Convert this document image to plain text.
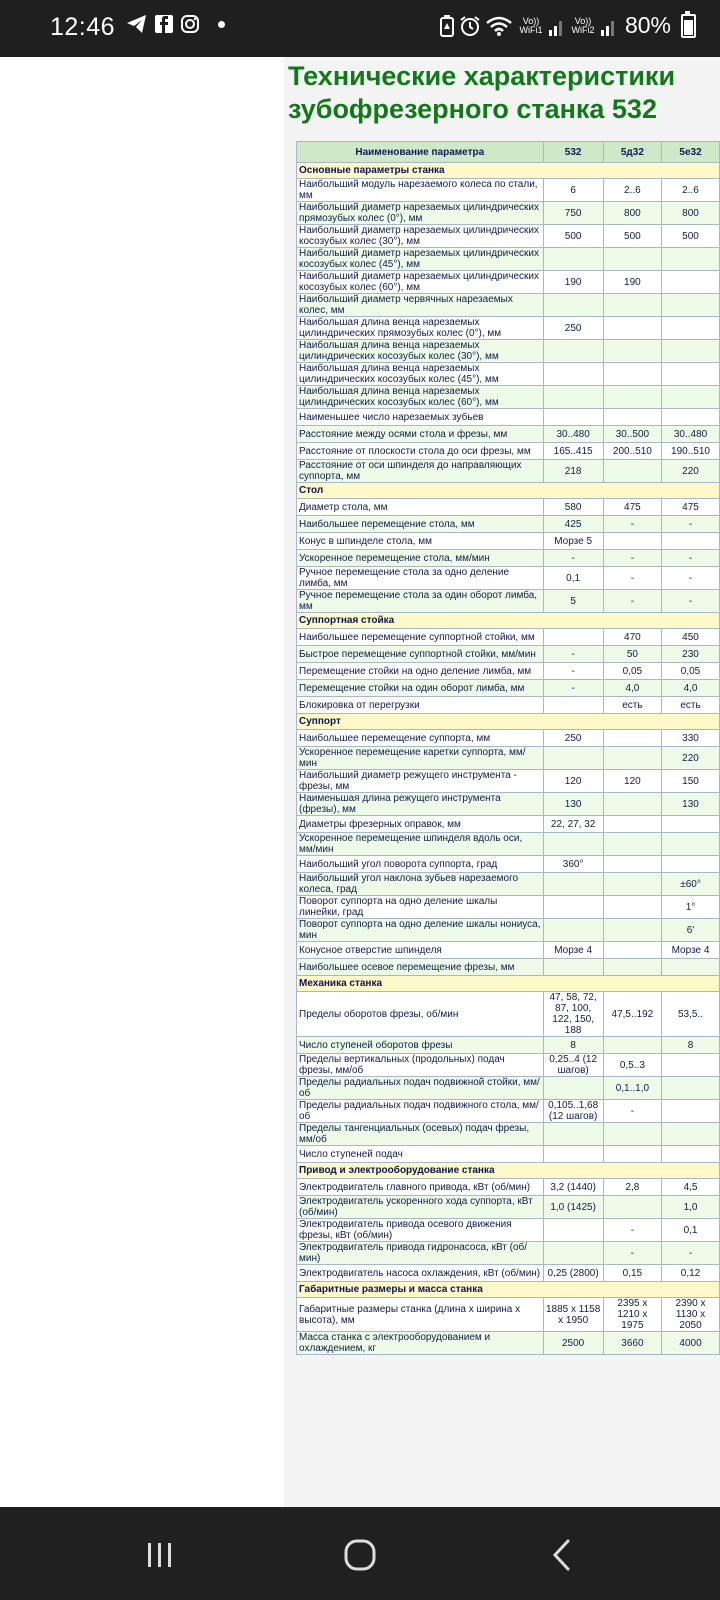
12:46	Vo)) WiFi1
Vo)) WiFi2 80%
Технические характеристики
зубофрезерного станка 532
Наименование параметра	532	5д32	5е32
Основные параметры станка			
Наибольший модуль нарезаемого колеса по стали, мм	6	2..6	2..6
Наибольший диаметр нарезаемых цилиндрических прямозубых колес (0°), мм	750	800	800
Наибольший диаметр нарезаемых цилиндрических косозубых колес (30°), мм	500	500	500
Наибольший диаметр нарезаемых цилиндрических косозубых колес (45°), мм			
Наибольший диаметр нарезаемых цилиндрических косозубых колес (60°), мм	190	190	
Наибольший диаметр червячных нарезаемых колес, мм			
Наибольшая длина венца нарезаемых цилиндрических прямозубых колес (0°), мм	250		
Наибольшая длина венца нарезаемых цилиндрических косозубых колес (30°), мм			
Наибольшая длина венца нарезаемых цилиндрических косозубых колес (45°), мм			
Наибольшая длина венца нарезаемых цилиндрических косозубых колес (60°), мм			
Наименьшее число нарезаемых зубьев			
Расстояние между осями стола и фрезы, мм	30..480	30..500	30..480
Расстояние от плоскости стола до оси фрезы, мм	165..415	200..510	190..510
Расстояние от оси шпинделя до направляющих суппорта, мм	218		220
Стол			
Диаметр стола, мм	580	475	475
Наибольшее перемещение стола, мм	425	-	-
Конус в шпинделе стола, мм	Морзе 5		
Ускоренное перемещение стола, мм/мин	-	-	-
Ручное перемещение стола за одно деление лимба, мм	0,1	-	-
Ручное перемещение стола за один оборот лимба, мм	5	-	-
Суппортная стойка			
Наибольшее перемещение суппортной стойки, мм		470	450
Быстрое перемещение суппортной стойки, мм/мин	-	50	230
Перемещение стойки на одно деление лимба, мм	-	0,05	0,05
Перемещение стойки на один оборот лимба, мм	-	4,0	4,0
Блокировка от перегрузки		есть	есть
Суппорт			
Наибольшее перемещение суппорта, мм	250		330
Ускоренное перемещение каретки суппорта, мм/мин			220
Наибольший диаметр режущего инструмента - фрезы, мм	120	120	150
Наименьшая длина режущего инструмента (фрезы), мм	130		130
Диаметры фрезерных оправок, мм	22, 27, 32		
Ускоренное перемещение шпинделя вдоль оси, мм/мин			
Наибольший угол поворота суппорта, град	360°		
Наибольший угол наклона зубьев нарезаемого колеса, град			±60°
Поворот суппорта на одно деление шкалы линейки, град			1°
Поворот суппорта на одно деление шкалы нониуса, мин			6'
Конусное отверстие шпинделя	Морзе 4		Морзе 4
Наибольшее осевое перемещение фрезы, мм			
Механика станка			
Пределы оборотов фрезы, об/мин	47, 58, 72, 87, 100, 122, 150, 188	47,5..192	53,5..
Число ступеней оборотов фрезы	8		8
Пределы вертикальных (продольных) подач фрезы, мм/об	0,25..4 (12 шагов)	0,5..3	
Пределы радиальных подач подвижной стойки, мм/об		0,1..1,0	
Пределы радиальных подач подвижного стола, мм/об	0,105..1,68 (12 шагов)	-	
Пределы тангенциальных (осевых) подач фрезы, мм/об			
Число ступеней подач			
Привод и электрооборудование станка			
Электродвигатель главного привода, кВт (об/мин)	3,2 (1440)	2,8	4,5
Электродвигатель ускоренного хода суппорта, кВт (об/мин)	1,0 (1425)		1,0
Электродвигатель привода осевого движения фрезы, кВт (об/мин)		-	0,1
Электродвигатель привода гидронасоса, кВт (об/мин)		-	-
Электродвигатель насоса охлаждения, кВт (об/мин)	0,25 (2800)	0,15	0,12
Габаритные размеры и масса станка			
Габаритные размеры станка (длина х ширина х высота), мм	1885 х 1158 х 1950	2395 х 1210 х 1975	2390 х 1130 х 2050
Масса станка с электрооборудованием и охлаждением, кг	2500	3660	4000
